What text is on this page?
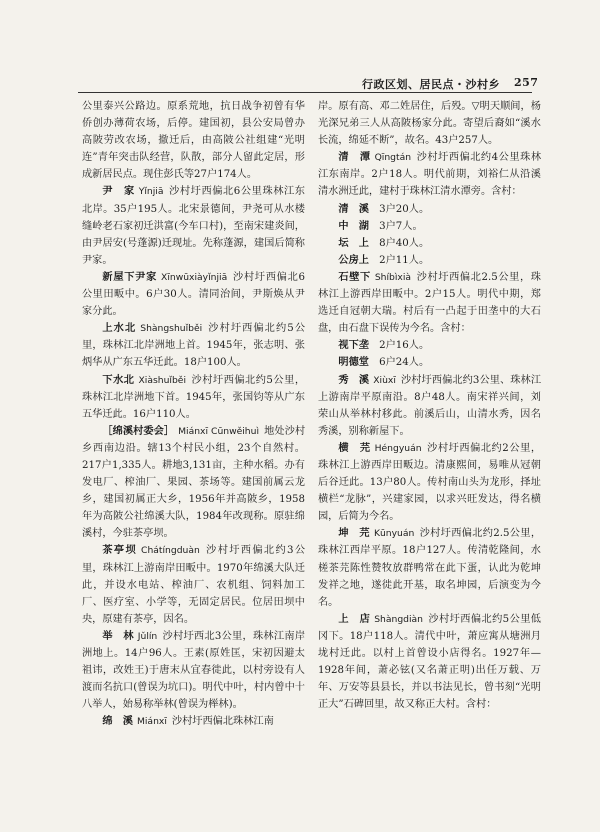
行政区划、居民点・沙村乡 257

公里泰兴公路边。原系荒地，抗日战争初曾有华侨创办薄荷农场，后停。建国初，县公安局曾办高陂劳改农场，撤迁后，由高陂公社组建“光明连”青年突击队经营，队散，部分人留此定居，形成新居民点。现住彭氏等27户174人。

尹　家 Yǐnjiā 沙村圩西偏北6公里珠林江东北岸。35户195人。北宋景德间，尹尧可从水楼缝岭老石家初迁洪富(今车口村)，至南宋建炎间，由尹居安(号蓬源)迁现址。先称蓬源，建国后简称尹家。

新屋下尹家 Xīnwūxiàyǐnjiā 沙村圩西偏北6公里田畈中。6户30人。清同治间，尹斯焕从尹家分此。

上水北 Shàngshuǐběi 沙村圩西偏北约5公里，珠林江北岸洲地上首。1945年，张志明、张炳华从广东五华迁此。18户100人。

下水北 Xiàshuǐběi 沙村圩西偏北约5公里，珠林江北岸洲地下首。1945年，张国钧等从广东五华迁此。16户110人。

［绵溪村委会］ Miánxī Cūnwěihuì 地处沙村乡西南边沿。辖13个村民小组，23个自然村。217户1,335人。耕地3,131亩，主种水稻。办有发电厂、榨油厂、果园、茶场等。建国前属云龙乡，建国初属正大乡，1956年并高陂乡，1958年为高陂公社绵溪大队，1984年改现称。原驻绵溪村，今驻茶亭坝。

茶亭坝 Chátíngduàn 沙村圩西偏北约3公里，珠林江上游南岸田畈中。1970年绵溪大队迁此，并设水电站、榨油厂、农机组、饲料加工厂、医疗室、小学等，无固定居民。位居田坝中央，原建有茶亭，因名。

举　林 Jǔlín 沙村圩西北3公里，珠林江南岸洲地上。14户96人。王素(原姓匡，宋初因避太祖讳，改姓王)于唐末从宜春徙此，以村旁设有人渡而名抗口(曾误为坑口)。明代中叶，村内曾中十八举人，始易称举林(曾误为榉林)。

绵　溪 Miánxī 沙村圩西偏北珠林江南

岸。原有高、邓二姓居住，后殁。▽明天顺间，杨光深兄弟三人从高陂杨家分此。寄望后裔如“溪水长流，绵延不断”，故名。43户257人。

清　潭 Qīngtán 沙村圩西偏北约4公里珠林江东南岸。2户18人。明代前期，刘裕仁从沿溪清水洲迁此，建村于珠林江清水潭旁。含村：

清　溪　 3户20人。

中　湖　 3户7人。

坛　上　 8户40人。

公房上　 2户11人。

石壁下 Shíbìxià 沙村圩西偏北2.5公里，珠林江上游西岸田畈中。2户15人。明代中期，郑选迁自冠朝大瑞。村后有一凸起于田垄中的大石盘，由石盘下误传为今名。含村：

视下垄　 2户16人。

明德堂　 6户24人。

秀　溪 Xiùxī 沙村圩西偏北约3公里、珠林江上游南岸平原南沿。8户48人。南宋祥兴间，刘荣山从举林村移此。前溪后山，山清水秀，因名秀溪，别称新屋下。

横　芫 Héngyuán 沙村圩西偏北约2公里，珠林江上游西岸田畈边。清康熙间，易唯从冠朝后谷迁此。13户80人。传村南山头为龙形，择址横栏“龙脉”，兴建家园，以求兴旺发达，得名横园，后简为今名。

坤　芫 Kūnyuán 沙村圩西偏北约2.5公里，珠林江西岸平原。18户127人。传清乾隆间，水槎茶芫陈性赞牧放群鸭常在此下蛋，认此为乾坤发祥之地，遂徙此开基，取名坤园，后演变为今名。

上　店 Shàngdiàn 沙村圩西偏北约5公里低冈下。18户118人。清代中叶，萧应寓从塘洲月垅村迁此。以村上首曾设小店得名。1927年—1928年间，萧必铉(又名萧正明)出任万载、万年、万安等县县长，并以书法见长，曾书刻“光明正大”石碑回里，故又称正大村。含村：
